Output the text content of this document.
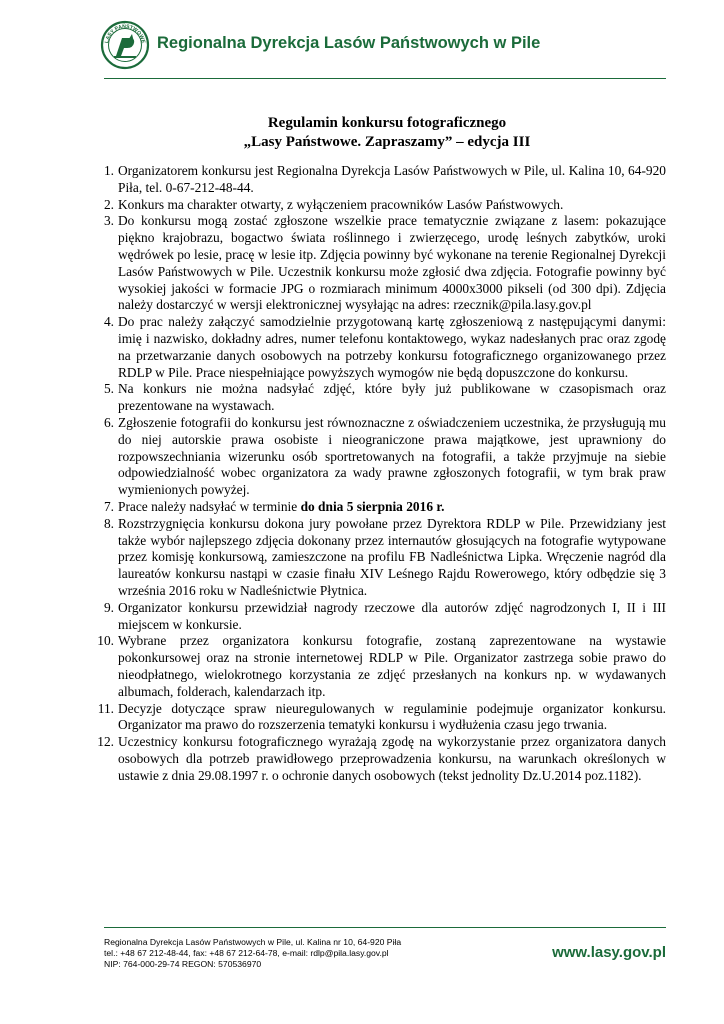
LASY PAŃSTWOWE Regionalna Dyrekcja Lasów Państwowych w Pile
Regulamin konkursu fotograficznego
„Lasy Państwowe. Zapraszamy” – edycja III
1. Organizatorem konkursu jest Regionalna Dyrekcja Lasów Państwowych w Pile, ul. Kalina 10, 64-920 Piła, tel. 0-67-212-48-44.
2. Konkurs ma charakter otwarty, z wyłączeniem pracowników Lasów Państwowych.
3. Do konkursu mogą zostać zgłoszone wszelkie prace tematycznie związane z lasem: pokazujące piękno krajobrazu, bogactwo świata roślinnego i zwierzęcego, urodę leśnych zabytków, uroki wędrówek po lesie, pracę w lesie itp. Zdjęcia powinny być wykonane na terenie Regionalnej Dyrekcji Lasów Państwowych w Pile. Uczestnik konkursu może zgłosić dwa zdjęcia. Fotografie powinny być wysokiej jakości w formacie JPG o rozmiarach minimum 4000x3000 pikseli (od 300 dpi). Zdjęcia należy dostarczyć w wersji elektronicznej wysyłając na adres: rzecznik@pila.lasy.gov.pl
4. Do prac należy załączyć samodzielnie przygotowaną kartę zgłoszeniową z następującymi danymi: imię i nazwisko, dokładny adres, numer telefonu kontaktowego, wykaz nadesłanych prac oraz zgodę na przetwarzanie danych osobowych na potrzeby konkursu fotograficznego organizowanego przez RDLP w Pile. Prace niespełniające powyższych wymogów nie będą dopuszczone do konkursu.
5. Na konkurs nie można nadsyłać zdjęć, które były już publikowane w czasopismach oraz prezentowane na wystawach.
6. Zgłoszenie fotografii do konkursu jest równoznaczne z oświadczeniem uczestnika, że przysługują mu do niej autorskie prawa osobiste i nieograniczone prawa majątkowe, jest uprawniony do rozpowszechniania wizerunku osób sportretowanych na fotografii, a także przyjmuje na siebie odpowiedzialność wobec organizatora za wady prawne zgłoszonych fotografii, w tym brak praw wymienionych powyżej.
7. Prace należy nadsyłać w terminie do dnia 5 sierpnia 2016 r.
8. Rozstrzygnięcia konkursu dokona jury powołane przez Dyrektora RDLP w Pile. Przewidziany jest także wybór najlepszego zdjęcia dokonany przez internautów głosujących na fotografie wytypowane przez komisję konkursową, zamieszczone na profilu FB Nadleśnictwa Lipka. Wręczenie nagród dla laureatów konkursu nastąpi w czasie finału XIV Leśnego Rajdu Rowerowego, który odbędzie się 3 września 2016 roku w Nadleśnictwie Płytnica.
9. Organizator konkursu przewidział nagrody rzeczowe dla autorów zdjęć nagrodzonych I, II i III miejscem w konkursie.
10. Wybrane przez organizatora konkursu fotografie, zostaną zaprezentowane na wystawie pokonkursowej oraz na stronie internetowej RDLP w Pile. Organizator zastrzega sobie prawo do nieodpłatnego, wielokrotnego korzystania ze zdjęć przesłanych na konkurs np. w wydawanych albumach, folderach, kalendarzach itp.
11. Decyzje dotyczące spraw nieuregulowanych w regulaminie podejmuje organizator konkursu. Organizator ma prawo do rozszerzenia tematyki konkursu i wydłużenia czasu jego trwania.
12. Uczestnicy konkursu fotograficznego wyrażają zgodę na wykorzystanie przez organizatora danych osobowych dla potrzeb prawidłowego przeprowadzenia konkursu, na warunkach określonych w ustawie z dnia 29.08.1997 r. o ochronie danych osobowych (tekst jednolity Dz.U.2014 poz.1182).
Regionalna Dyrekcja Lasów Państwowych w Pile, ul. Kalina nr 10, 64-920 Piła
tel.: +48 67 212-48-44, fax: +48 67 212-64-78, e-mail: rdlp@pila.lasy.gov.pl
NIP: 764-000-29-74 REGON: 570536970
www.lasy.gov.pl
